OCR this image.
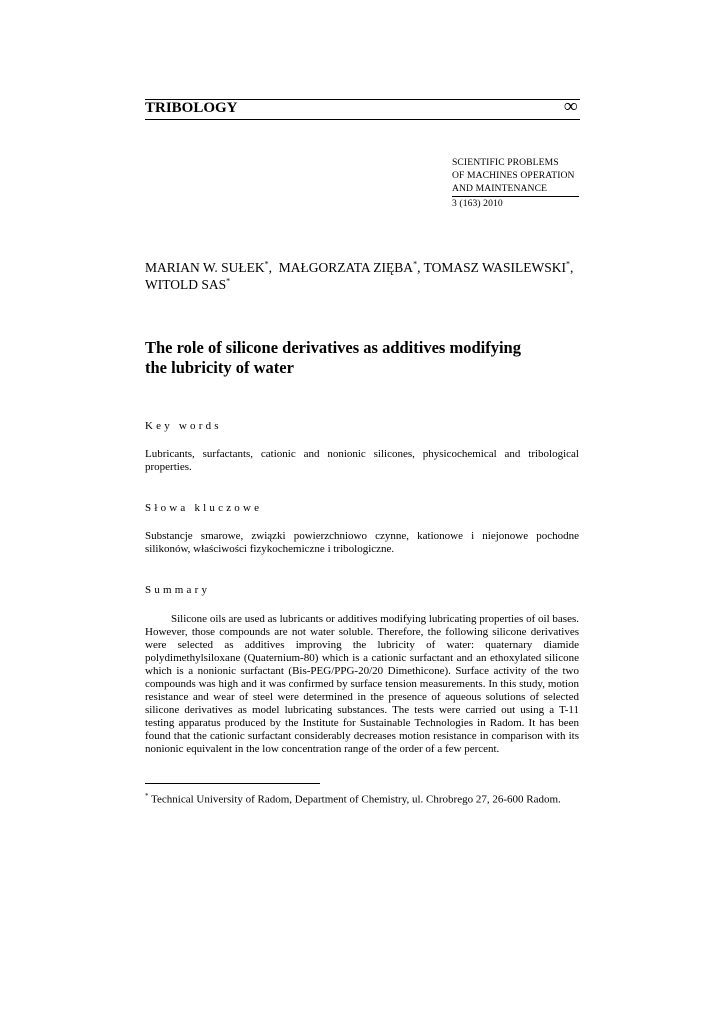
TRIBOLOGY	∞
SCIENTIFIC PROBLEMS
OF MACHINES OPERATION
AND MAINTENANCE
3 (163) 2010
MARIAN W. SUŁEK*,  MAŁGORZATA ZIĘBA*, TOMASZ WASILEWSKI*,
WITOLD SAS*
The role of silicone derivatives as additives modifying
the lubricity of water
Key words

Lubricants, surfactants, cationic and nonionic silicones, physicochemical and tribological properties.

Słowa kluczowe

Substancje smarowe, związki powierzchniowo czynne, kationowe i niejonowe pochodne silikonów, właściwości fizykochemiczne i tribologiczne.

Summary

Silicone oils are used as lubricants or additives modifying lubricating properties of oil bases. However, those compounds are not water soluble. Therefore, the following silicone derivatives were selected as additives improving the lubricity of water: quaternary diamide polydimethylsiloxane (Quaternium-80) which is a cationic surfactant and an ethoxylated silicone which is a nonionic surfactant (Bis-PEG/PPG-20/20 Dimethicone). Surface activity of the two compounds was high and it was confirmed by surface tension measurements. In this study, motion resistance and wear of steel were determined in the presence of aqueous solutions of selected silicone derivatives as model lubricating substances. The tests were carried out using a T-11 testing apparatus produced by the Institute for Sustainable Technologies in Radom. It has been found that the cationic surfactant considerably decreases motion resistance in comparison with its nonionic equivalent in the low concentration range of the order of a few percent.

* Technical University of Radom, Department of Chemistry, ul. Chrobrego 27, 26-600 Radom.
